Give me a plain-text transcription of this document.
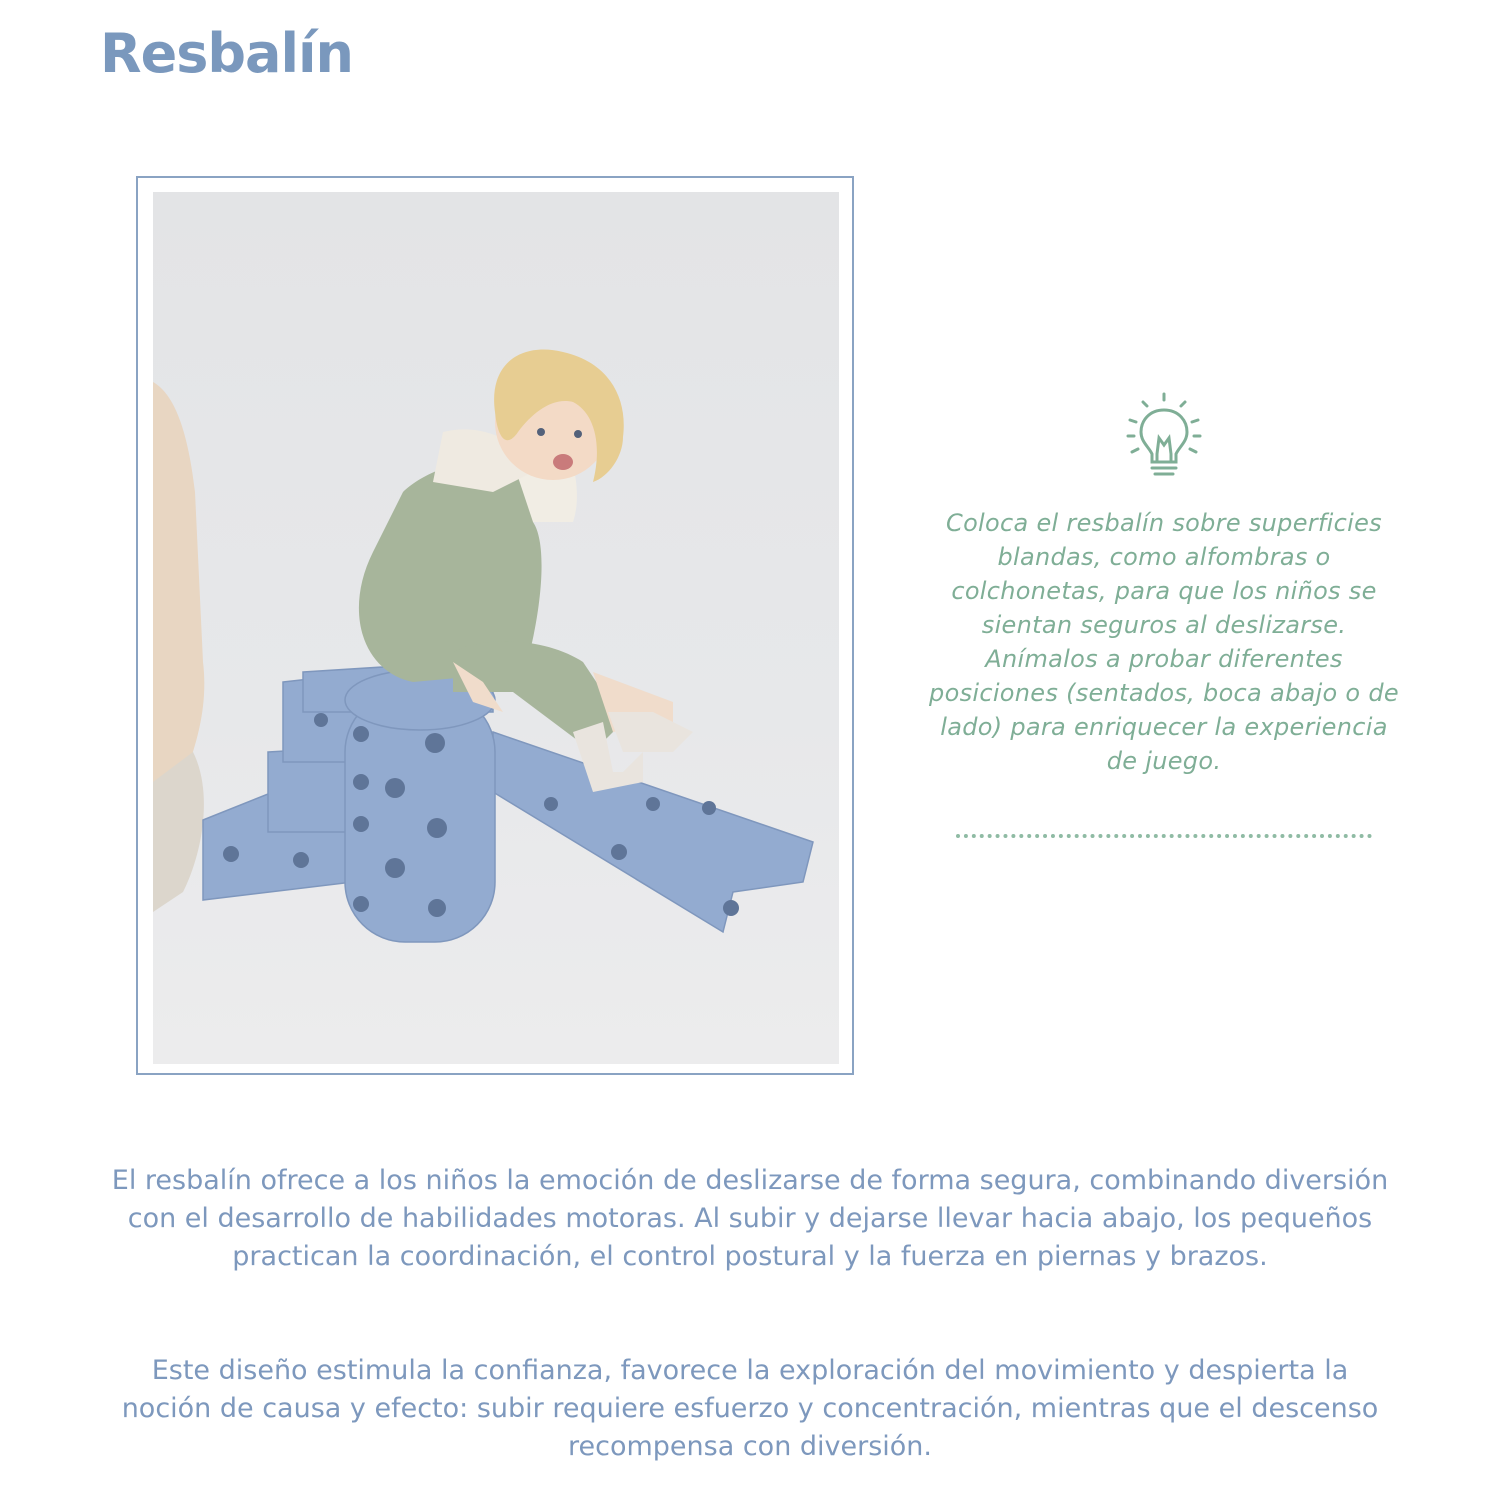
Resbalín

Coloca el resbalín sobre superficies blandas, como alfombras o colchonetas, para que los niños se sientan seguros al deslizarse. Anímalos a probar diferentes posiciones (sentados, boca abajo o de lado) para enriquecer la experiencia de juego.

El resbalín ofrece a los niños la emoción de deslizarse de forma segura, combinando diversión con el desarrollo de habilidades motoras. Al subir y dejarse llevar hacia abajo, los pequeños practican la coordinación, el control postural y la fuerza en piernas y brazos.

Este diseño estimula la confianza, favorece la exploración del movimiento y despierta la noción de causa y efecto: subir requiere esfuerzo y concentración, mientras que el descenso recompensa con diversión.
